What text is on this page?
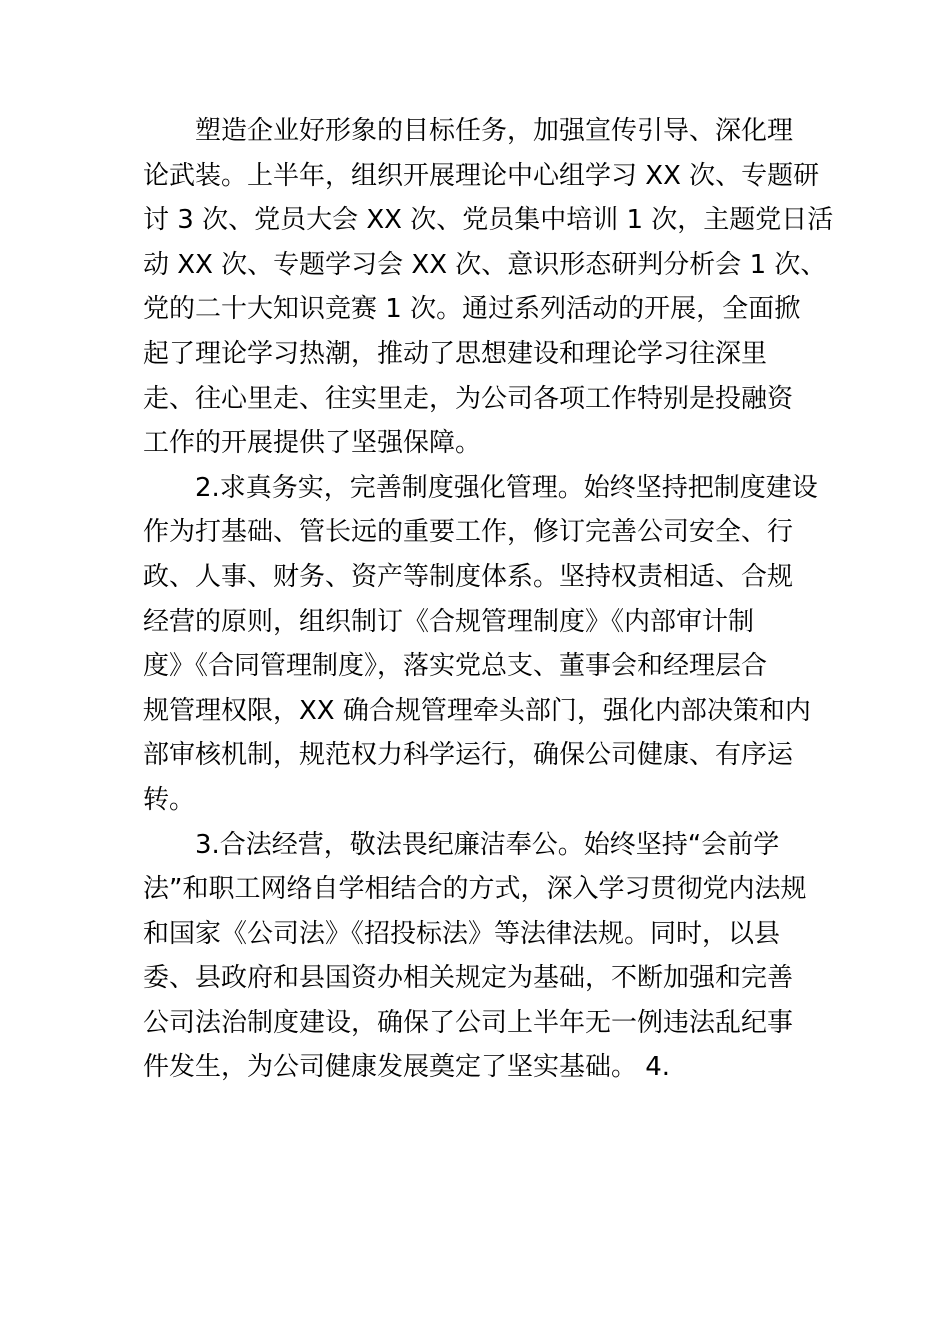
塑造企业好形象的目标任务，加强宣传引导、深化理
论武装。上半年，组织开展理论中心组学习 XX 次、专题研
讨 3 次、党员大会 XX 次、党员集中培训 1 次，主题党日活
动 XX 次、专题学习会 XX 次、意识形态研判分析会 1 次、
党的二十大知识竞赛 1 次。通过系列活动的开展，全面掀
起了理论学习热潮，推动了思想建设和理论学习往深里
走、往心里走、往实里走，为公司各项工作特别是投融资
工作的开展提供了坚强保障。
2.求真务实，完善制度强化管理。始终坚持把制度建设
作为打基础、管长远的重要工作，修订完善公司安全、行
政、人事、财务、资产等制度体系。坚持权责相适、合规
经营的原则，组织制订《合规管理制度》《内部审计制
度》《合同管理制度》，落实党总支、董事会和经理层合
规管理权限，XX 确合规管理牵头部门，强化内部决策和内
部审核机制，规范权力科学运行，确保公司健康、有序运
转。
3.合法经营，敬法畏纪廉洁奉公。始终坚持“会前学
法”和职工网络自学相结合的方式，深入学习贯彻党内法规
和国家《公司法》《招投标法》等法律法规。同时，以县
委、县政府和县国资办相关规定为基础，不断加强和完善
公司法治制度建设，确保了公司上半年无一例违法乱纪事
件发生，为公司健康发展奠定了坚实基础。 4.
